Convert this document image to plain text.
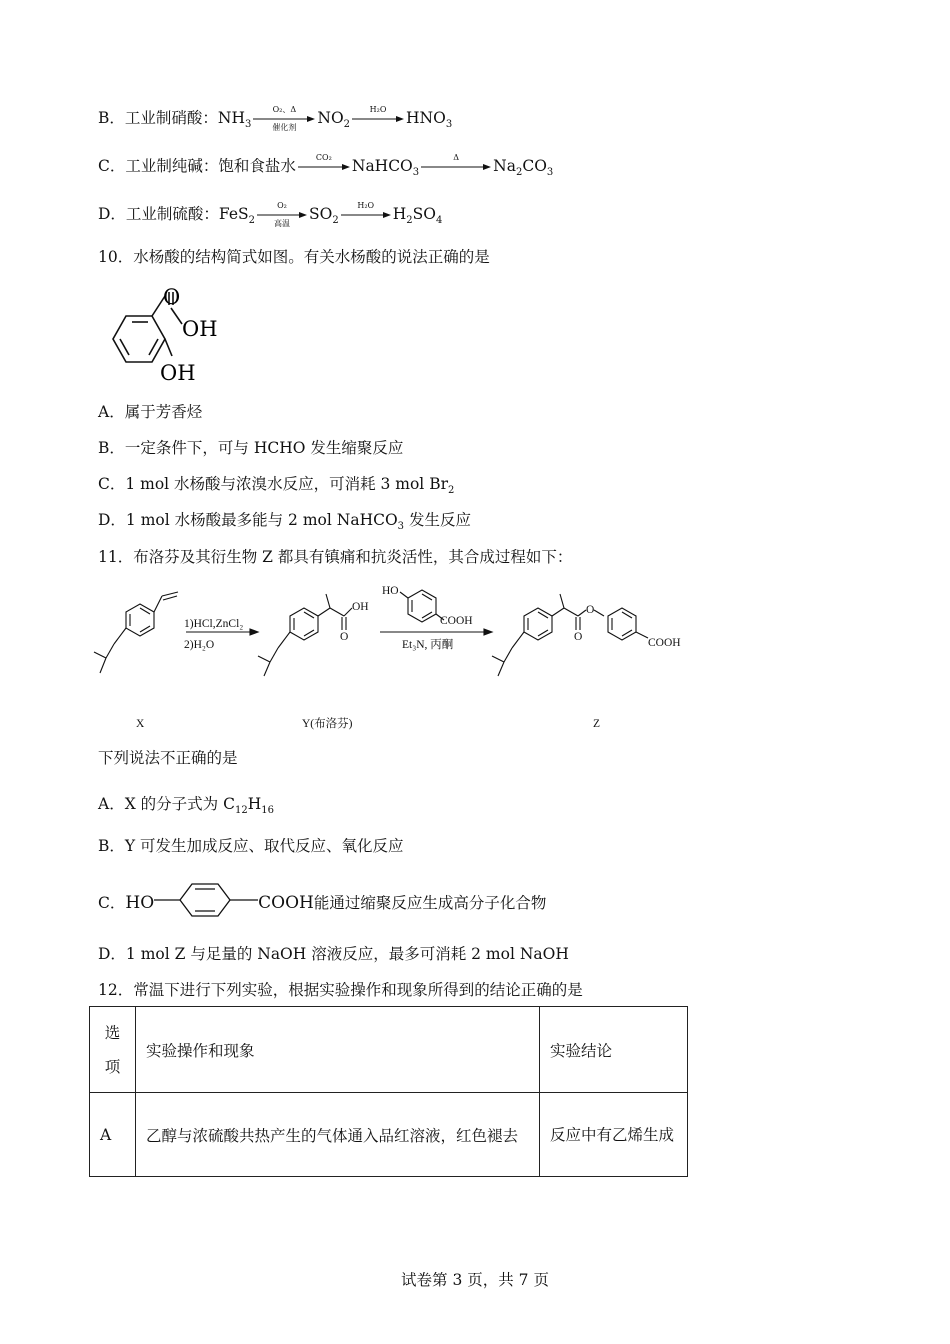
B．工业制硝酸：$NH_3$
O₂、Δ
催化剂
$NO_2$
H₂O	$HNO_3$
C．工业制纯碱：饱和食盐水	CO₂	NaHCO$_3$
Δ	$Na_2CO_3$
D．工业制硫酸：FeS$_2$
O₂
高温
$SO_2$
H₂O	$H_2SO_4$
10．水杨酸的结构简式如图。有关水杨酸的说法正确的是
O
OH
OH
A．属于芳香烃
B．一定条件下，可与 HCHO 发生缩聚反应
C．1 mol 水杨酸与浓溴水反应，可消耗 3 mol $Br_2$
D．1 mol 水杨酸最多能与 2 mol NaHCO$_3$ 发生反应
11．布洛芬及其衍生物 Z 都具有镇痛和抗炎活性，其合成过程如下：
1)HCl,ZnCl₂
2)H₂O
OH
O
HO
COOH
Et₃N, 丙酮
O
O	COOH
X	Y(布洛芬)	Z
下列说法不正确的是
A．X 的分子式为 $C_{12}H_{16}$
B．Y 可发生加成反应、取代反应、氧化反应
C．HO	COOH能通过缩聚反应生成高分子化合物
D．1 mol Z 与足量的 NaOH 溶液反应，最多可消耗 2 mol NaOH
12．常温下进行下列实验，根据实验操作和现象所得到的结论正确的是
选项	实验操作和现象	实验结论
A	乙醇与浓硫酸共热产生的气体通入品红溶液，红色褪去	反应中有乙烯生成
试卷第 3 页，共 7 页
